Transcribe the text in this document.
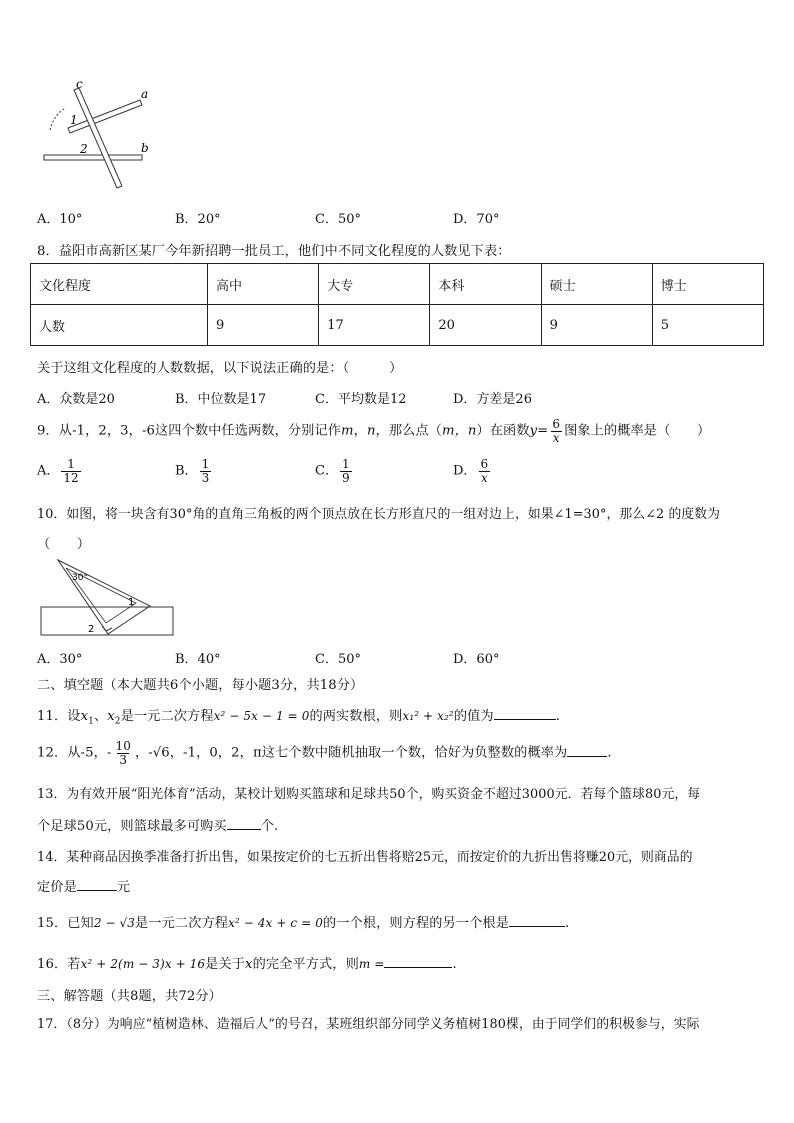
c
a
b
1
2
A．10°	B．20°	C．50°	D．70°
8．益阳市高新区某厂今年新招聘一批员工，他们中不同文化程度的人数见下表：
文化程度	高中	大专	本科	硕士	博士
人数	9	17	20	9	5
关于这组文化程度的人数数据，以下说法正确的是：（　　　）
A．众数是20	B．中位数是17	C．平均数是12	D．方差是26
9．从-1，2，3，-6这四个数中任选两数，分别记作m，n，那么点（m，n）在函数$y= \frac{6}{x}$ 图象上的概率是（　　）
A． $\frac{1}{12}$	B． $\frac{1}{3}$	C． $\frac{1}{9}$	D． $\frac{6}{x}$
10．如图，将一块含有30°角的直角三角板的两个顶点放在长方形直尺的一组对边上，如果∠1=30°，那么∠2 的度数为
（　　）
30°
1
2
A．30°	B．40°	C．50°	D．60°
二、填空题（本大题共6个小题，每小题3分，共18分）
11．设$x_1$、$x_2$是一元二次方程x² − 5x − 1 = 0的两实数根，则x₁² + x₂²的值为	.
12．从-5，- $\frac{10}{3}$ ，-√6，-1，0，2，π这七个数中随机抽取一个数，恰好为负整数的概率为	.
13．为有效开展“阳光体育”活动，某校计划购买篮球和足球共50个，购买资金不超过3000元．若每个篮球80元，每
个足球50元，则篮球最多可购买	个.
14．某种商品因换季准备打折出售，如果按定价的七五折出售将赔25元，而按定价的九折出售将赚20元，则商品的
定价是	元
15．已知2 − √3是一元二次方程x² − 4x + c = 0的一个根，则方程的另一个根是	.
16．若x² + 2(m − 3)x + 16是关于x的完全平方式，则m =	.
三、解答题（共8题，共72分）
17．（8分）为响应“植树造林、造福后人”的号召，某班组织部分同学义务植树180棵，由于同学们的积极参与，实际
